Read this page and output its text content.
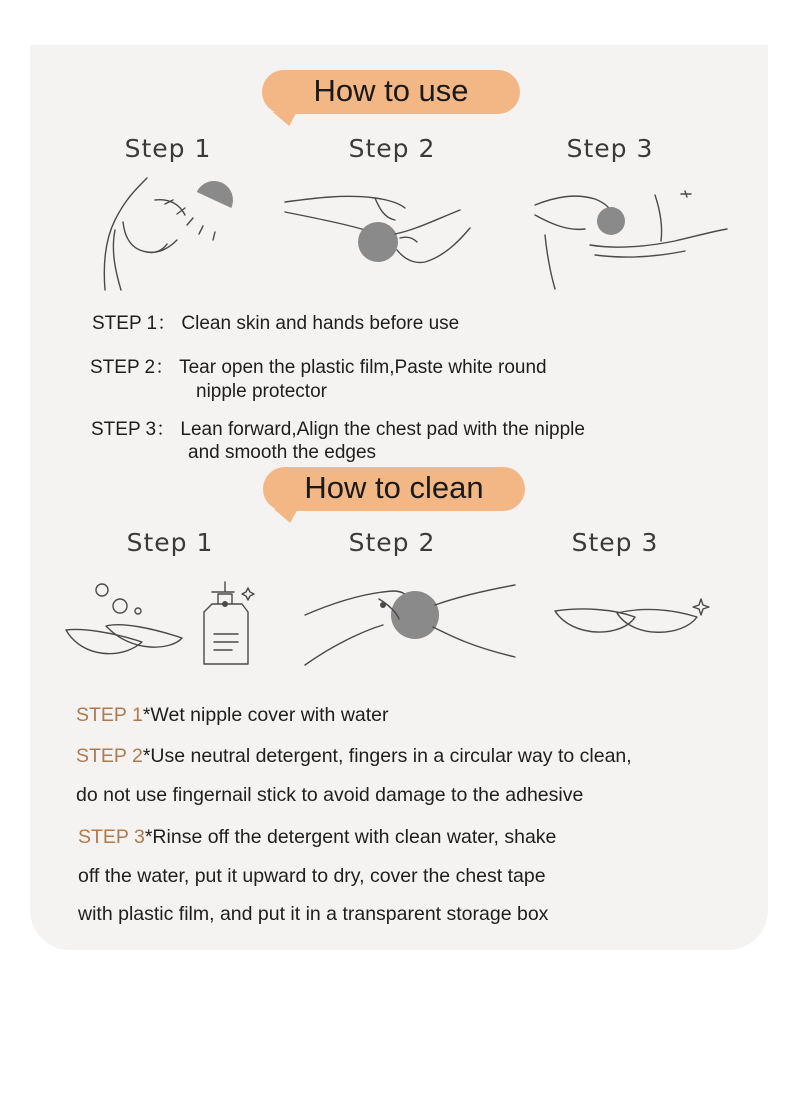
How to use
Step 1	Step 2	Step 3
STEP 1： Clean skin and hands before use
STEP 2： Tear open the plastic film,Paste white round
nipple protector
STEP 3： Lean forward,Align the chest pad with the nipple
and smooth the edges
How to clean
Step 1	Step 2	Step 3
STEP 1*Wet nipple cover with water
STEP 2*Use neutral detergent, fingers in a circular way to clean,
do not use fingernail stick to avoid damage to the adhesive
STEP 3*Rinse off the detergent with clean water, shake
off the water, put it upward to dry, cover the chest tape
with plastic film, and put it in a transparent storage box
